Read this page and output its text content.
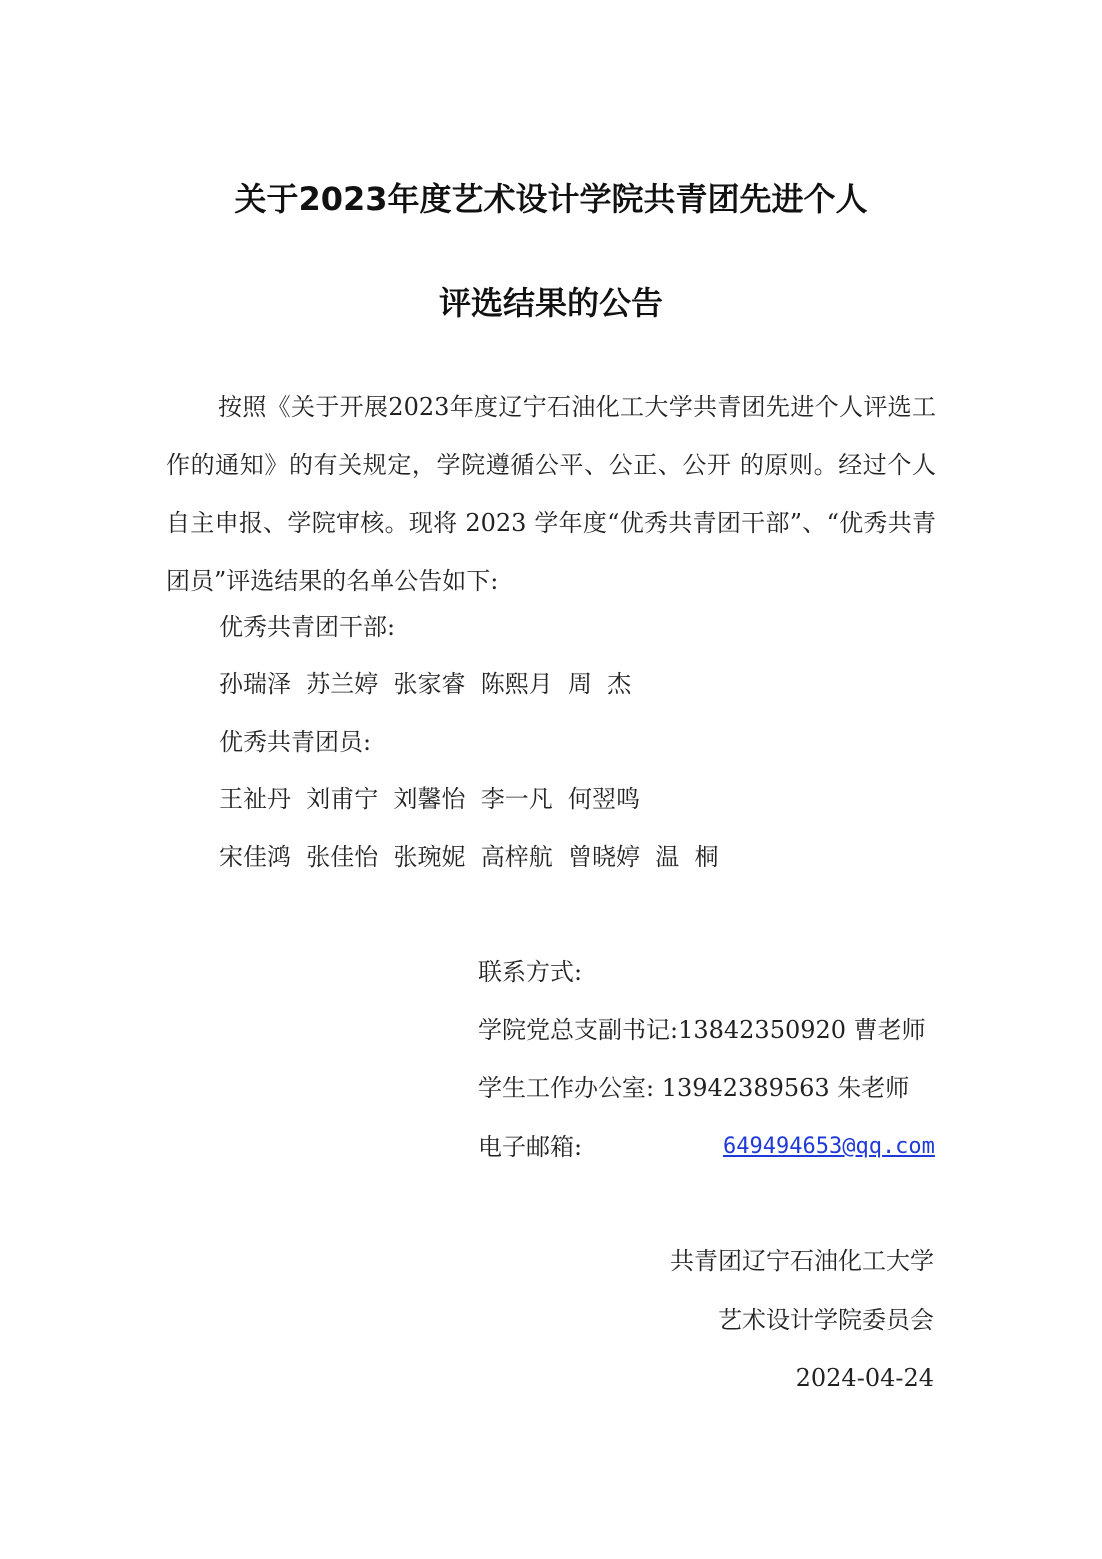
关于2023年度艺术设计学院共青团先进个人
评选结果的公告
按照《关于开展2023年度辽宁石油化工大学共青团先进个人评选工作的通知》的有关规定，学院遵循公平、公正、公开 的原则。经过个人自主申报、学院审核。现将 2023 学年度“优秀共青团干部”、“优秀共青团员”评选结果的名单公告如下:
优秀共青团干部:
孙瑞泽  苏兰婷  张家睿  陈熙月  周  杰
优秀共青团员:
王祉丹  刘甫宁  刘馨怡  李一凡  何翌鸣
宋佳鸿  张佳怡  张琬妮  高梓航  曾晓婷  温  桐
联系方式:
学院党总支副书记:13842350920 曹老师
学生工作办公室: 13942389563 朱老师
电子邮箱:	649494653@qq.com
共青团辽宁石油化工大学
艺术设计学院委员会
2024-04-24
